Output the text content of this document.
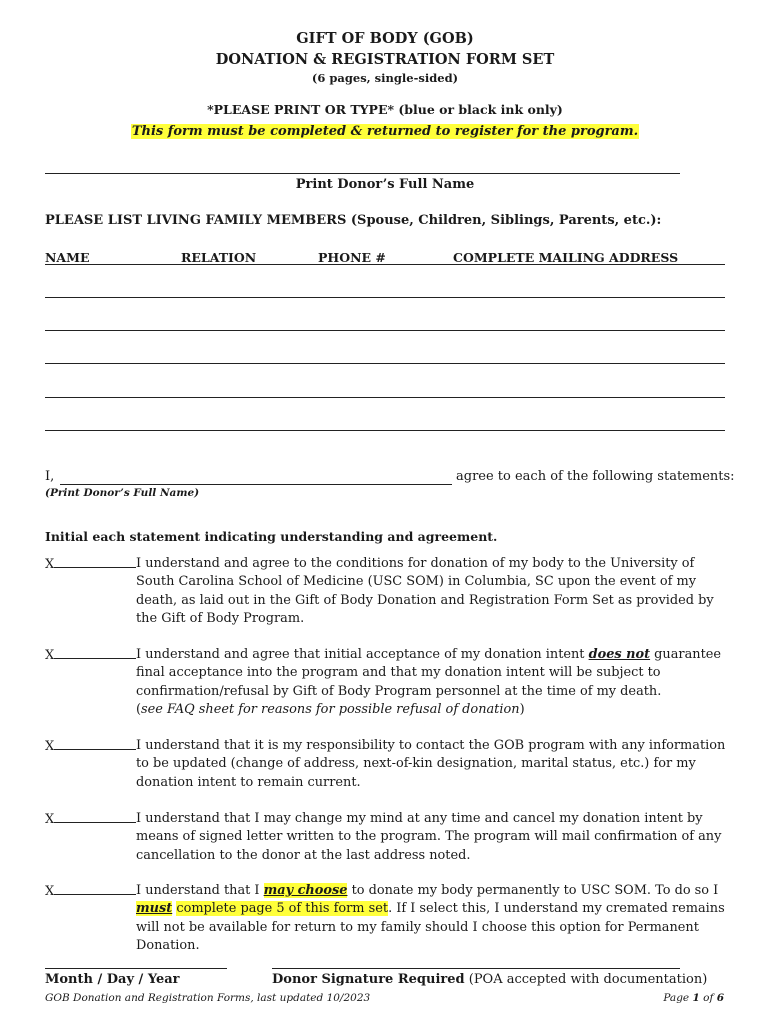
GIFT OF BODY (GOB)
DONATION & REGISTRATION FORM SET
(6 pages, single-sided)
*PLEASE PRINT OR TYPE* (blue or black ink only)
This form must be completed & returned to register for the program.
Print Donor’s Full Name
PLEASE LIST LIVING FAMILY MEMBERS (Spouse, Children, Siblings, Parents, etc.):
NAME	RELATION	PHONE #	COMPLETE MAILING ADDRESS
I,	agree to each of the following statements:
(Print Donor’s Full Name)
Initial each statement indicating understanding and agreement.
X	I understand and agree to the conditions for donation of my body to the University of South Carolina School of Medicine (USC SOM) in Columbia, SC upon the event of my death, as laid out in the Gift of Body Donation and Registration Form Set as provided by the Gift of Body Program.
X	I understand and agree that initial acceptance of my donation intent does not guarantee final acceptance into the program and that my donation intent will be subject to confirmation/refusal by Gift of Body Program personnel at the time of my death.
(see FAQ sheet for reasons for possible refusal of donation)
X	I understand that it is my responsibility to contact the GOB program with any information to be updated (change of address, next-of-kin designation, marital status, etc.) for my donation intent to remain current.
X	I understand that I may change my mind at any time and cancel my donation intent by means of signed letter written to the program. The program will mail confirmation of any cancellation to the donor at the last address noted.
X	I understand that I may choose to donate my body permanently to USC SOM. To do so I must complete page 5 of this form set. If I select this, I understand my cremated remains will not be available for return to my family should I choose this option for Permanent Donation.
Month / Day / Year	Donor Signature Required (POA accepted with documentation)
GOB Donation and Registration Forms, last updated 10/2023	Page 1 of 6
